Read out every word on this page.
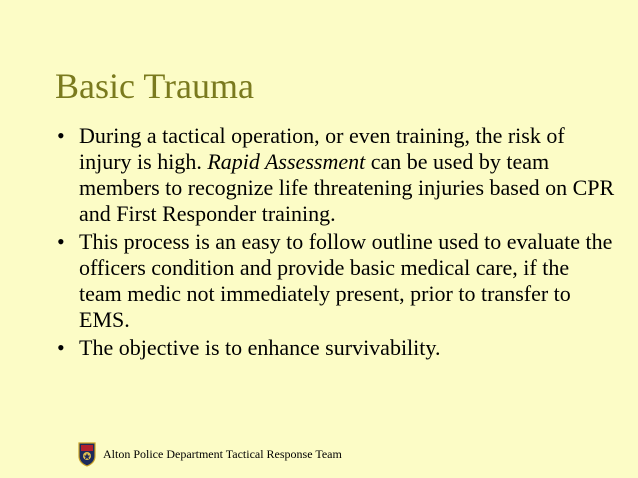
Basic Trauma
• During a tactical operation, or even training, the risk of injury is high. Rapid Assessment can be used by team members to recognize life threatening injuries based on CPR and First Responder training.
• This process is an easy to follow outline used to evaluate the officers condition and provide basic medical care, if the team medic not immediately present, prior to transfer to EMS.
• The objective is to enhance survivability.
Alton Police Department Tactical Response Team
